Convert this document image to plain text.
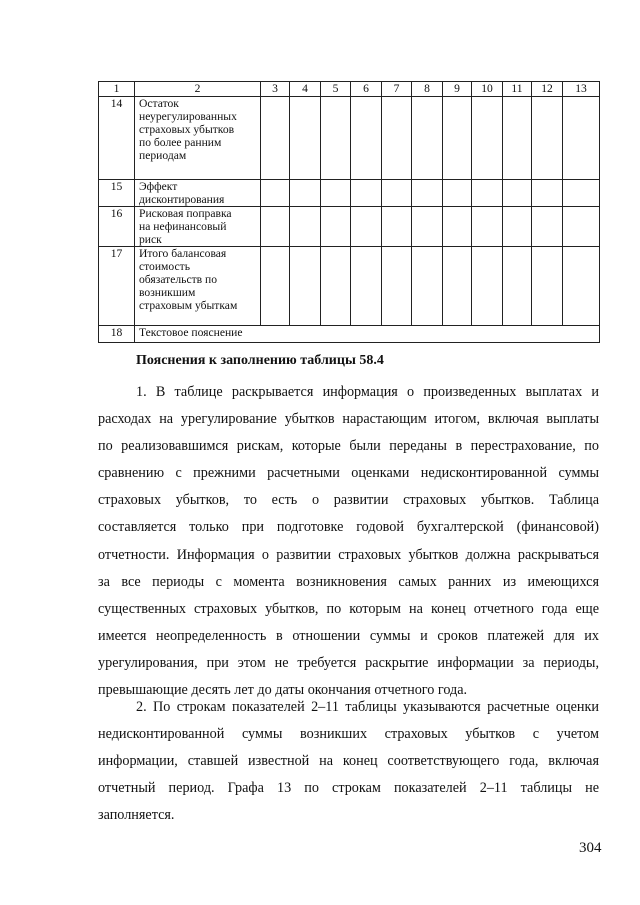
1	2	3	4	5	6	7	8	9	10	11	12	13
14	Остаток
неурегулированных
страховых убытков
по более ранним
периодам											

15	Эффект
дисконтирования											

16	Рисковая поправка
на нефинансовый
риск											

17	Итого балансовая
стоимость
обязательств по
возникшим
страховым убыткам											

18	Текстовое пояснение											
Пояснения к заполнению таблицы 58.4

1. В таблице раскрывается информация о произведенных выплатах и
расходах на урегулирование убытков нарастающим итогом, включая выплаты
по реализовавшимся рискам, которые были переданы в перестрахование, по
сравнению с прежними расчетными оценками недисконтированной суммы
страховых убытков, то есть о развитии страховых убытков. Таблица
составляется только при подготовке годовой бухгалтерской (финансовой)
отчетности. Информация о развитии страховых убытков должна раскрываться
за все периоды с момента возникновения самых ранних из имеющихся
существенных страховых убытков, по которым на конец отчетного года еще
имеется неопределенность в отношении суммы и сроков платежей для их
урегулирования, при этом не требуется раскрытие информации за периоды,
превышающие десять лет до даты окончания отчетного года.

2. По строкам показателей 2–11 таблицы указываются расчетные оценки
недисконтированной суммы возникших страховых убытков с учетом
информации, ставшей известной на конец соответствующего года, включая
отчетный период. Графа 13 по строкам показателей 2–11 таблицы не
заполняется.

304
